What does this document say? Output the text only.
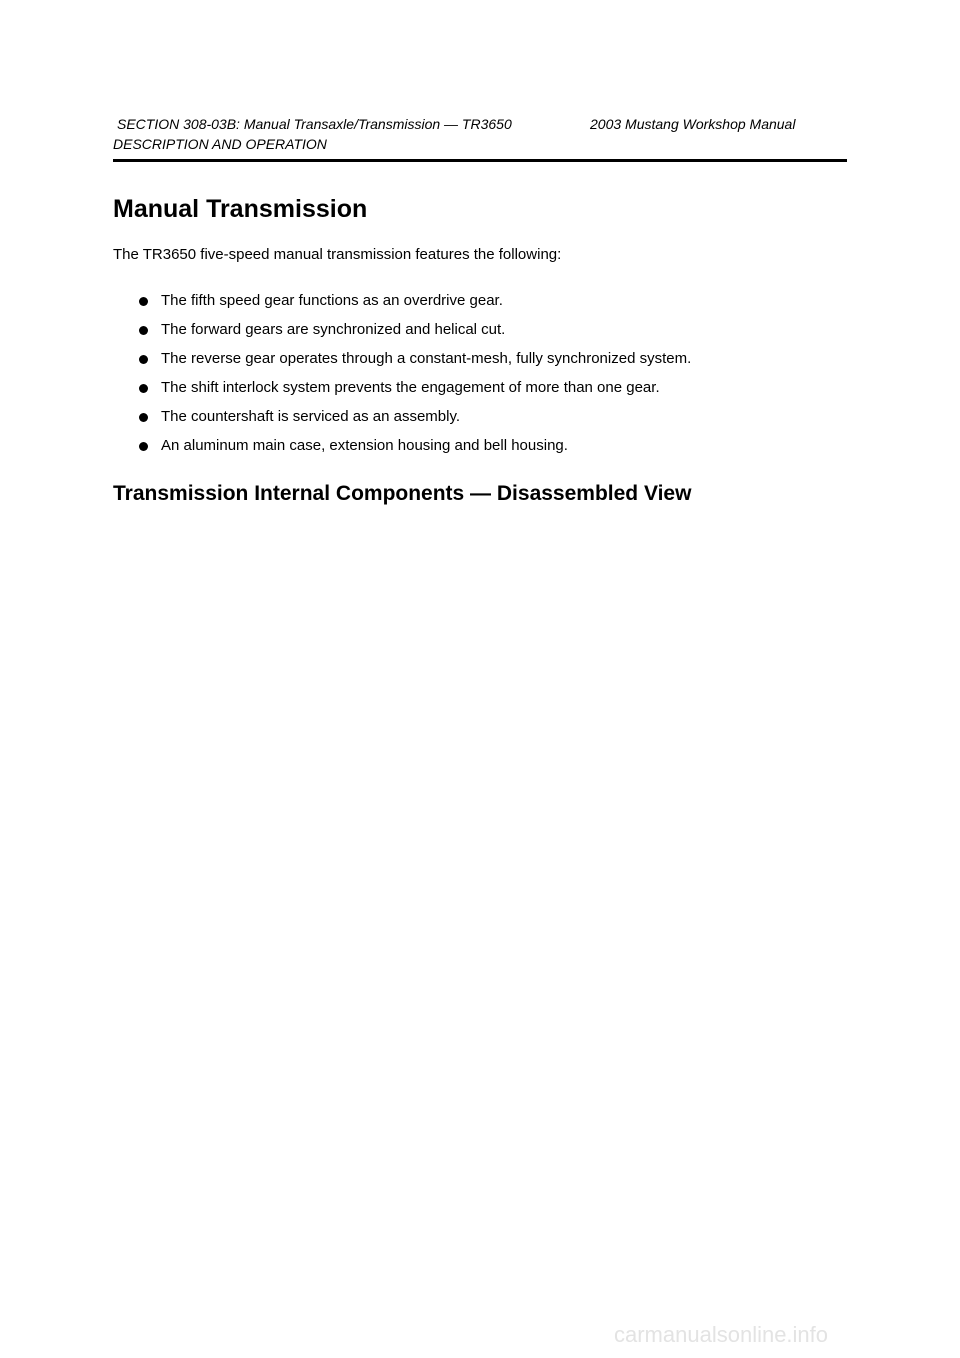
SECTION 308-03B: Manual Transaxle/Transmission — TR3650	2003 Mustang Workshop Manual
DESCRIPTION AND OPERATION
Manual Transmission

The TR3650 five-speed manual transmission features the following:

The fifth speed gear functions as an overdrive gear.
The forward gears are synchronized and helical cut.
The reverse gear operates through a constant-mesh, fully synchronized system.
The shift interlock system prevents the engagement of more than one gear.
The countershaft is serviced as an assembly.
An aluminum main case, extension housing and bell housing.
Transmission Internal Components — Disassembled View
carmanualsonline.info
